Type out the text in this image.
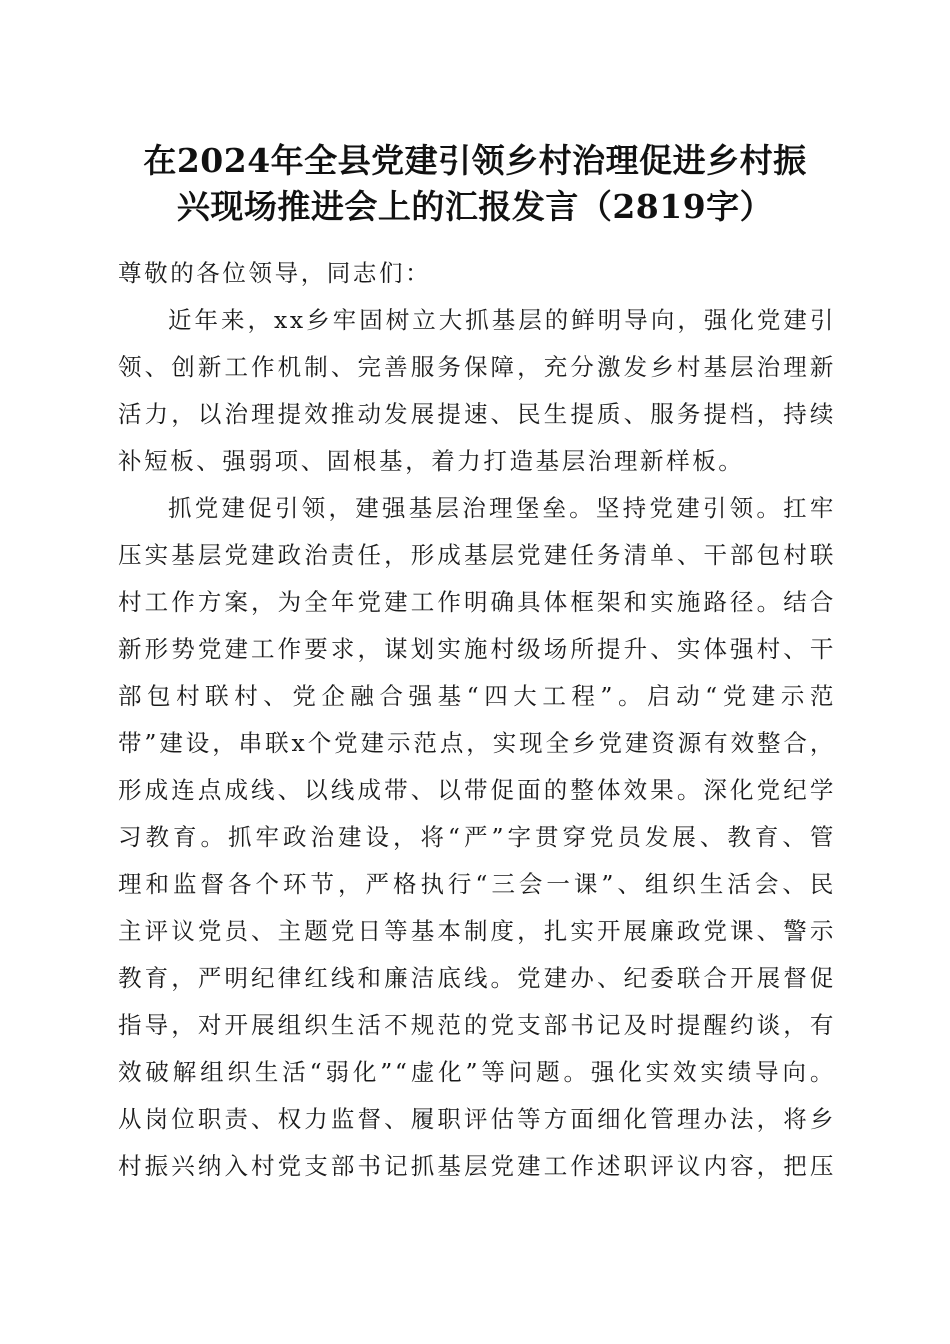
在2024年全县党建引领乡村治理促进乡村振
兴现场推进会上的汇报发言（2819字）
尊敬的各位领导，同志们：
近年来，xx乡牢固树立大抓基层的鲜明导向，强化党建引
领、创新工作机制、完善服务保障，充分激发乡村基层治理新
活力，以治理提效推动发展提速、民生提质、服务提档，持续
补短板、强弱项、固根基，着力打造基层治理新样板。
抓党建促引领，建强基层治理堡垒。坚持党建引领。扛牢
压实基层党建政治责任，形成基层党建任务清单、干部包村联
村工作方案，为全年党建工作明确具体框架和实施路径。结合
新形势党建工作要求，谋划实施村级场所提升、实体强村、干
部包村联村、党企融合强基“四大工程”。启动“党建示范
带”建设，串联x个党建示范点，实现全乡党建资源有效整合，
形成连点成线、以线成带、以带促面的整体效果。深化党纪学
习教育。抓牢政治建设，将“严”字贯穿党员发展、教育、管
理和监督各个环节，严格执行“三会一课”、组织生活会、民
主评议党员、主题党日等基本制度，扎实开展廉政党课、警示
教育，严明纪律红线和廉洁底线。党建办、纪委联合开展督促
指导，对开展组织生活不规范的党支部书记及时提醒约谈，有
效破解组织生活“弱化”“虚化”等问题。强化实效实绩导向。
从岗位职责、权力监督、履职评估等方面细化管理办法，将乡
村振兴纳入村党支部书记抓基层党建工作述职评议内容，把压
